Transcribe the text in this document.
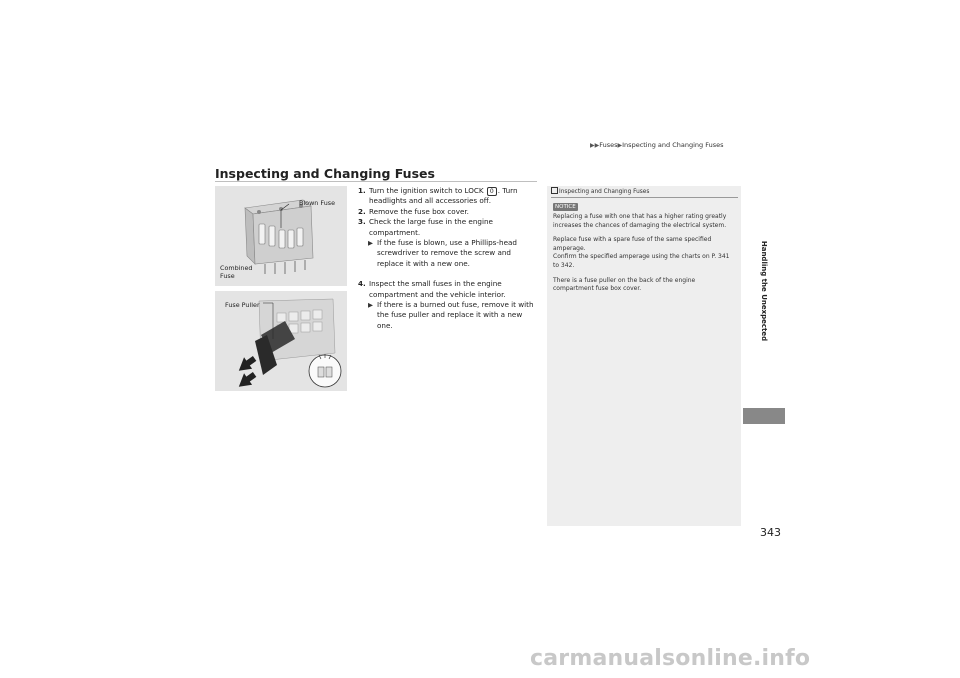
▶▶Fuses▶Inspecting and Changing Fuses
Inspecting and Changing Fuses
Blown Fuse
Combined
Fuse
Fuse Puller
1. Turn the ignition switch to LOCK 0 . Turn headlights and all accessories off.
2. Remove the fuse box cover.
3. Check the large fuse in the engine compartment.
▶ If the fuse is blown, use a Phillips-head screwdriver to remove the screw and replace it with a new one.
4. Inspect the small fuses in the engine compartment and the vehicle interior.
▶ If there is a burned out fuse, remove it with the fuse puller and replace it with a new one.
Inspecting and Changing Fuses
NOTICE

Replacing a fuse with one that has a higher rating greatly increases the chances of damaging the electrical system.

Replace fuse with a spare fuse of the same specified amperage.

Confirm the specified amperage using the charts on P. 341 to 342.

There is a fuse puller on the back of the engine compartment fuse box cover.	Handling the Unexpected
343
carmanualsonline.info
